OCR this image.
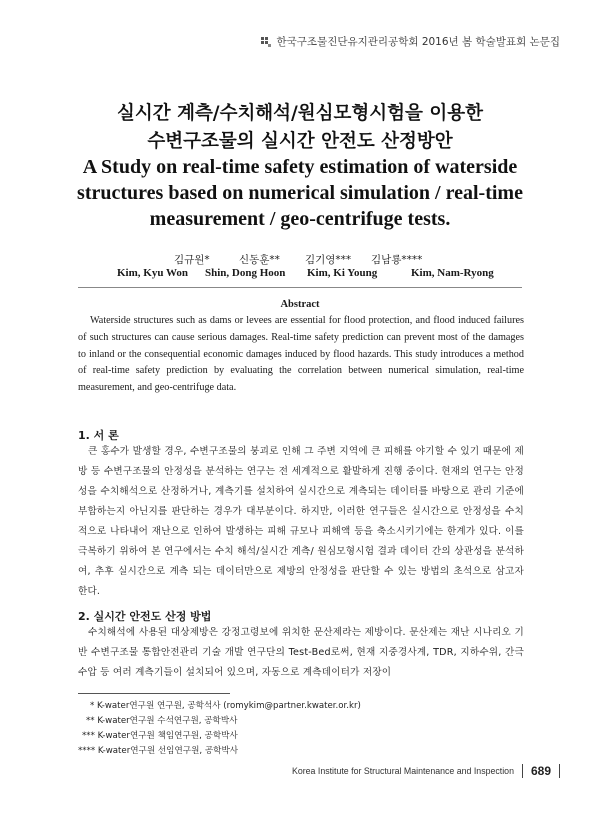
한국구조물진단유지관리공학회 2016년 봄 학술발표회 논문집
실시간 계측/수치해석/원심모형시험을 이용한
수변구조물의 실시간 안전도 산정방안
A Study on real-time safety estimation of waterside
structures based on numerical simulation / real-time
measurement / geo-centrifuge tests.
김규원*	신동훈** 김기영*** 김남룡****
Kim, Kyu Won Shin, Dong Hoon Kim, Ki Young	Kim, Nam-Ryong
Abstract

Waterside structures such as dams or levees are essential for flood protection, and flood induced failures of such structures can cause serious damages. Real-time safety prediction can prevent most of the damages to inland or the consequential economic damages induced by flood hazards. This study introduces a method of real-time safety prediction by evaluating the correlation between numerical simulation, real-time measurement, and geo-centrifuge data.

1. 서 론

큰 홍수가 발생할 경우, 수변구조물의 붕괴로 인해 그 주변 지역에 큰 피해를 야기할 수 있기 때문에 제방 등 수변구조물의 안정성을 분석하는 연구는 전 세계적으로 활발하게 진행 중이다. 현재의 연구는 안정성을 수치해석으로 산정하거나, 계측기를 설치하여 실시간으로 계측되는 데이터를 바탕으로 관리 기준에 부합하는지 아닌지를 판단하는 경우가 대부분이다. 하지만, 이러한 연구들은 실시간으로 안정성을 수치적으로 나타내어 재난으로 인하여 발생하는 피해 규모나 피해액 등을 축소시키기에는 한계가 있다. 이를 극복하기 위하여 본 연구에서는 수치 해석/실시간 계측/ 원심모형시험 결과 데이터 간의 상관성을 분석하여, 추후 실시간으로 계측 되는 데이터만으로 제방의 안정성을 판단할 수 있는 방법의 초석으로 삼고자 한다.

2. 실시간 안전도 산정 방법

수치해석에 사용된 대상제방은 강정고령보에 위치한 문산제라는 제방이다. 문산제는 재난 시나리오 기반 수변구조물 통합안전관리 기술 개발 연구단의 Test-Bed로써, 현재 지중경사계, TDR, 지하수위, 간극수압 등 여러 계측기들이 설치되어 있으며, 자동으로 계측데이터가 저장이

* K-water연구원 연구원, 공학석사 (romykim@partner.kwater.or.kr)
** K-water연구원 수석연구원, 공학박사
*** K-water연구원 책임연구원, 공학박사
**** K-water연구원 선임연구원, 공학박사
Korea Institute for Structural Maintenance and Inspection 689
